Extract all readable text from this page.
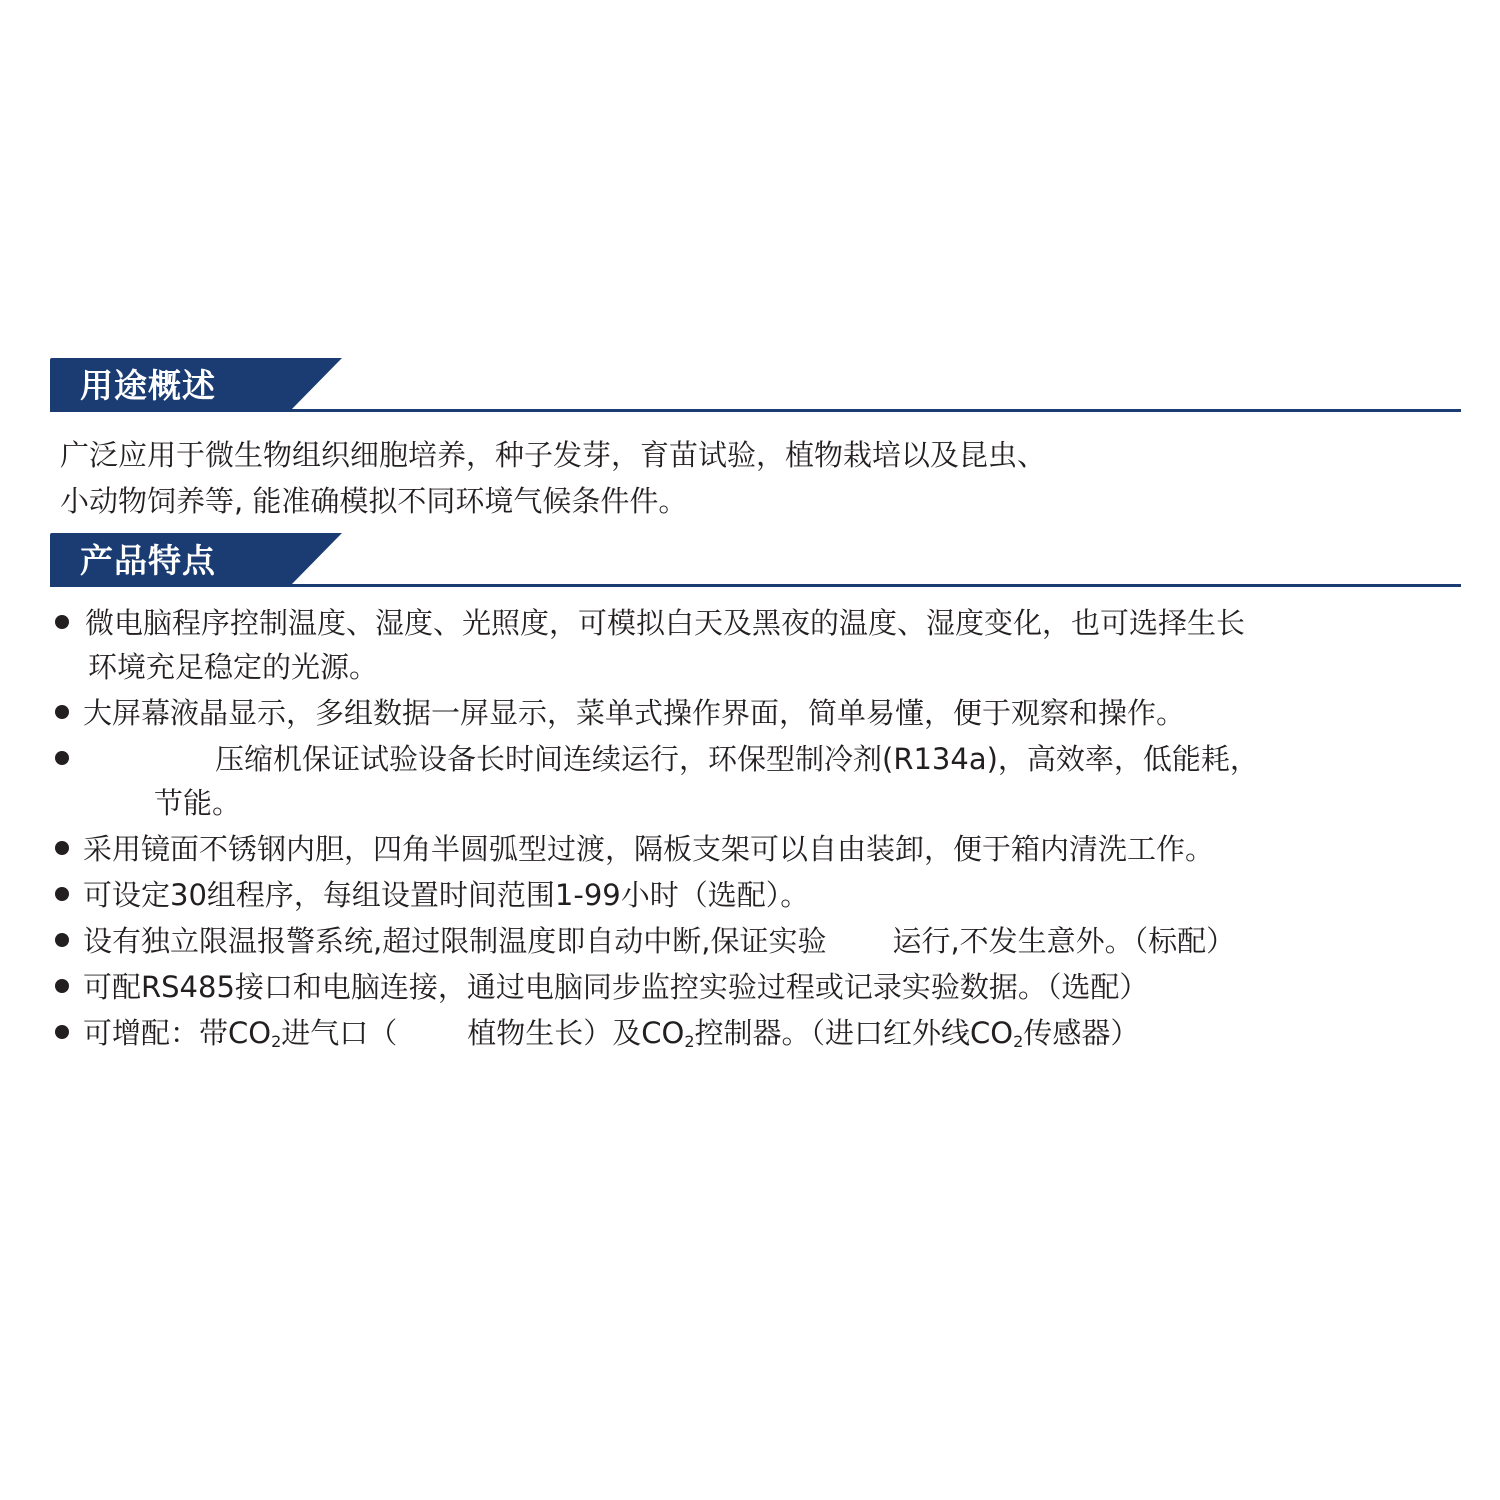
用途概述
广泛应用于微生物组织细胞培养，种子发芽，育苗试验，植物栽培以及昆虫、
小动物饲养等, 能准确模拟不同环境气候条件件。
产品特点
微电脑程序控制温度、湿度、光照度，可模拟白天及黑夜的温度、湿度变化，也可选择生长
环境充足稳定的光源。
大屏幕液晶显示，多组数据一屏显示，菜单式操作界面，简单易懂，便于观察和操作。
压缩机保证试验设备长时间连续运行，环保型制冷剂(R134a)，高效率，低能耗，
节能。
采用镜面不锈钢内胆，四角半圆弧型过渡，隔板支架可以自由装卸，便于箱内清洗工作。
可设定30组程序，每组设置时间范围1-99小时（选配）。
设有独立限温报警系统,超过限制温度即自动中断,保证实验 运行,不发生意外。（标配）
可配RS485接口和电脑连接，通过电脑同步监控实验过程或记录实验数据。（选配）
可增配：带$CO_2$进气口（ 植物生长）及$CO_2$控制器。（进口红外线$CO_2$传感器）
